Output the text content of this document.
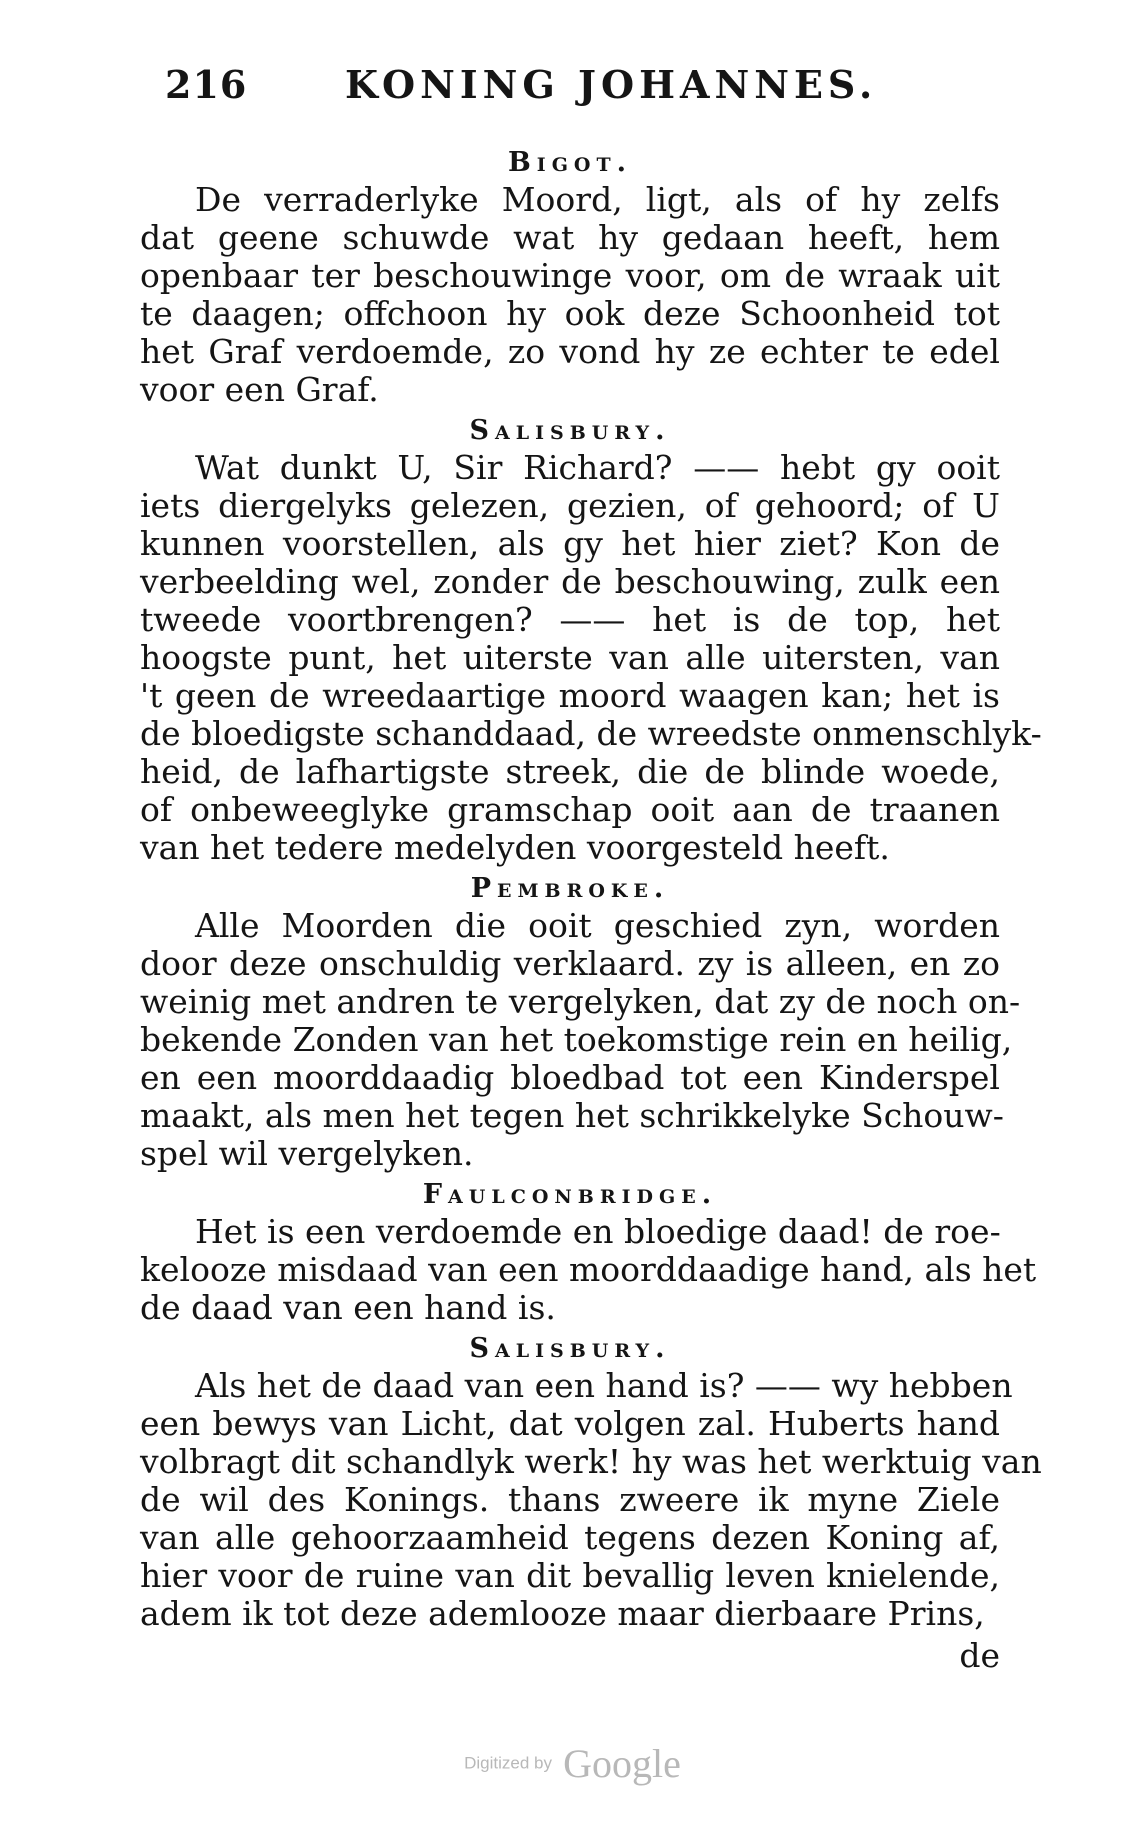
216	KONING JOHANNES.
Bigot.
De verraderlyke Moord, ligt, als of hy zelfs
dat geene schuwde wat hy gedaan heeft, hem
openbaar ter beschouwinge voor, om de wraak uit
te daagen; offchoon hy ook deze Schoonheid tot
het Graf verdoemde, zo vond hy ze echter te edel
voor een Graf.
Salisbury.
Wat dunkt U, Sir Richard? —— hebt gy ooit
iets diergelyks gelezen, gezien, of gehoord; of U
kunnen voorstellen, als gy het hier ziet? Kon de
verbeelding wel, zonder de beschouwing, zulk een
tweede voortbrengen? —— het is de top, het
hoogste punt, het uiterste van alle uitersten, van
't geen de wreedaartige moord waagen kan; het is
de bloedigste schanddaad, de wreedste onmenschlyk-
heid, de lafhartigste streek, die de blinde woede,
of onbeweeglyke gramschap ooit aan de traanen
van het tedere medelyden voorgesteld heeft.
Pembroke.
Alle Moorden die ooit geschied zyn, worden
door deze onschuldig verklaard. zy is alleen, en zo
weinig met andren te vergelyken, dat zy de noch on-
bekende Zonden van het toekomstige rein en heilig,
en een moorddaadig bloedbad tot een Kinderspel
maakt, als men het tegen het schrikkelyke Schouw-
spel wil vergelyken.
Faulconbridge.
Het is een verdoemde en bloedige daad! de roe-
kelooze misdaad van een moorddaadige hand, als het
de daad van een hand is.
Salisbury.
Als het de daad van een hand is? —— wy hebben
een bewys van Licht, dat volgen zal. Huberts hand
volbragt dit schandlyk werk! hy was het werktuig van
de wil des Konings. thans zweere ik myne Ziele
van alle gehoorzaamheid tegens dezen Koning af,
hier voor de ruine van dit bevallig leven knielende,
adem ik tot deze ademlooze maar dierbaare Prins,
de
Digitized by Google
